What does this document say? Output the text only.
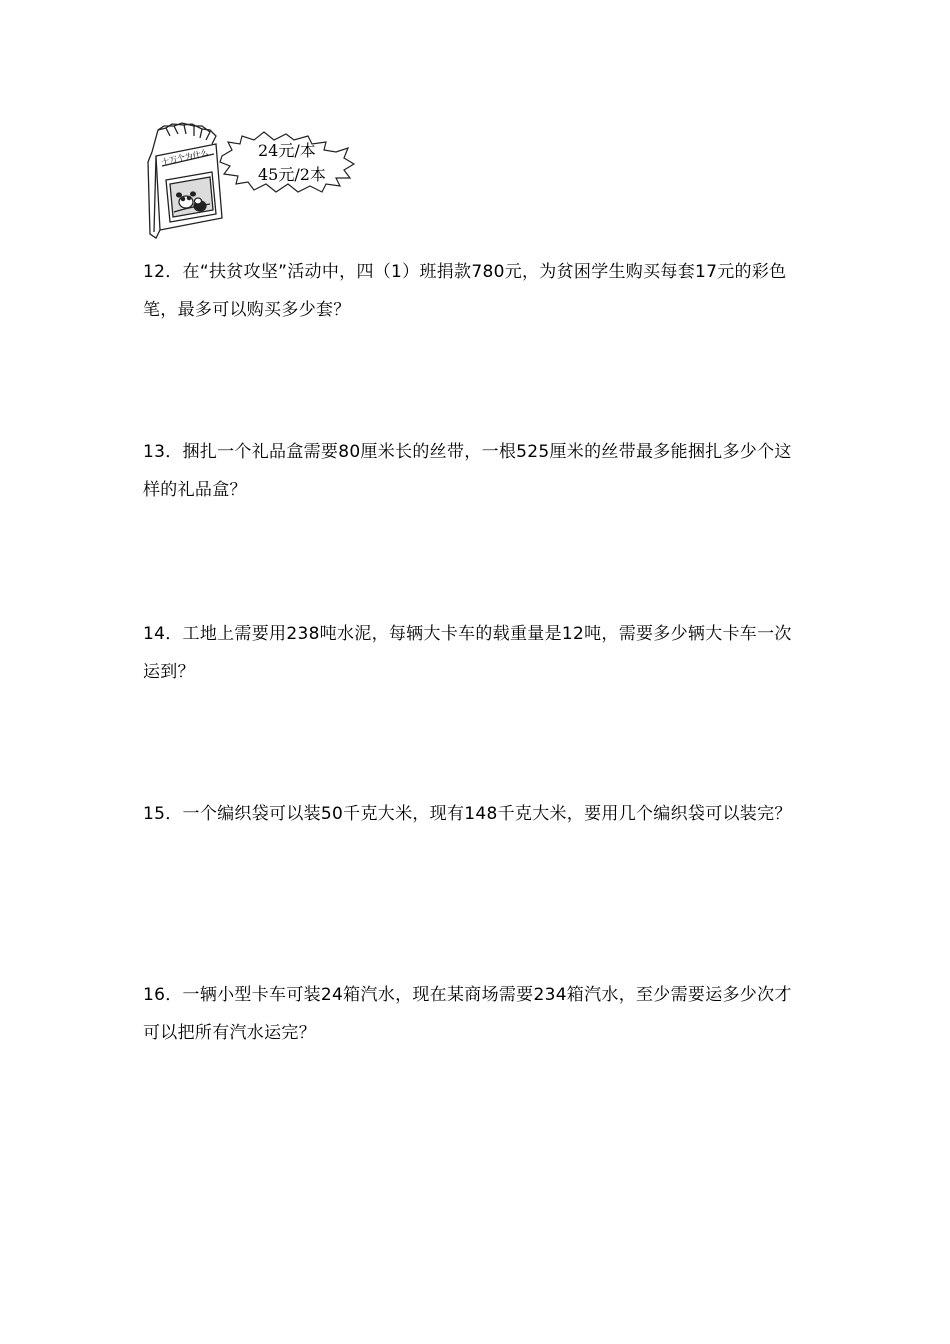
十万个为什么	24元/本
45元/2本

12．在“扶贫攻坚”活动中，四（1）班捐款780元，为贫困学生购买每套17元的彩色笔，最多可以购买多少套？

13．捆扎一个礼品盒需要80厘米长的丝带，一根525厘米的丝带最多能捆扎多少个这样的礼品盒？

14．工地上需要用238吨水泥，每辆大卡车的载重量是12吨，需要多少辆大卡车一次运到？

15．一个编织袋可以装50千克大米，现有148千克大米，要用几个编织袋可以装完？

16．一辆小型卡车可装24箱汽水，现在某商场需要234箱汽水，至少需要运多少次才可以把所有汽水运完？
